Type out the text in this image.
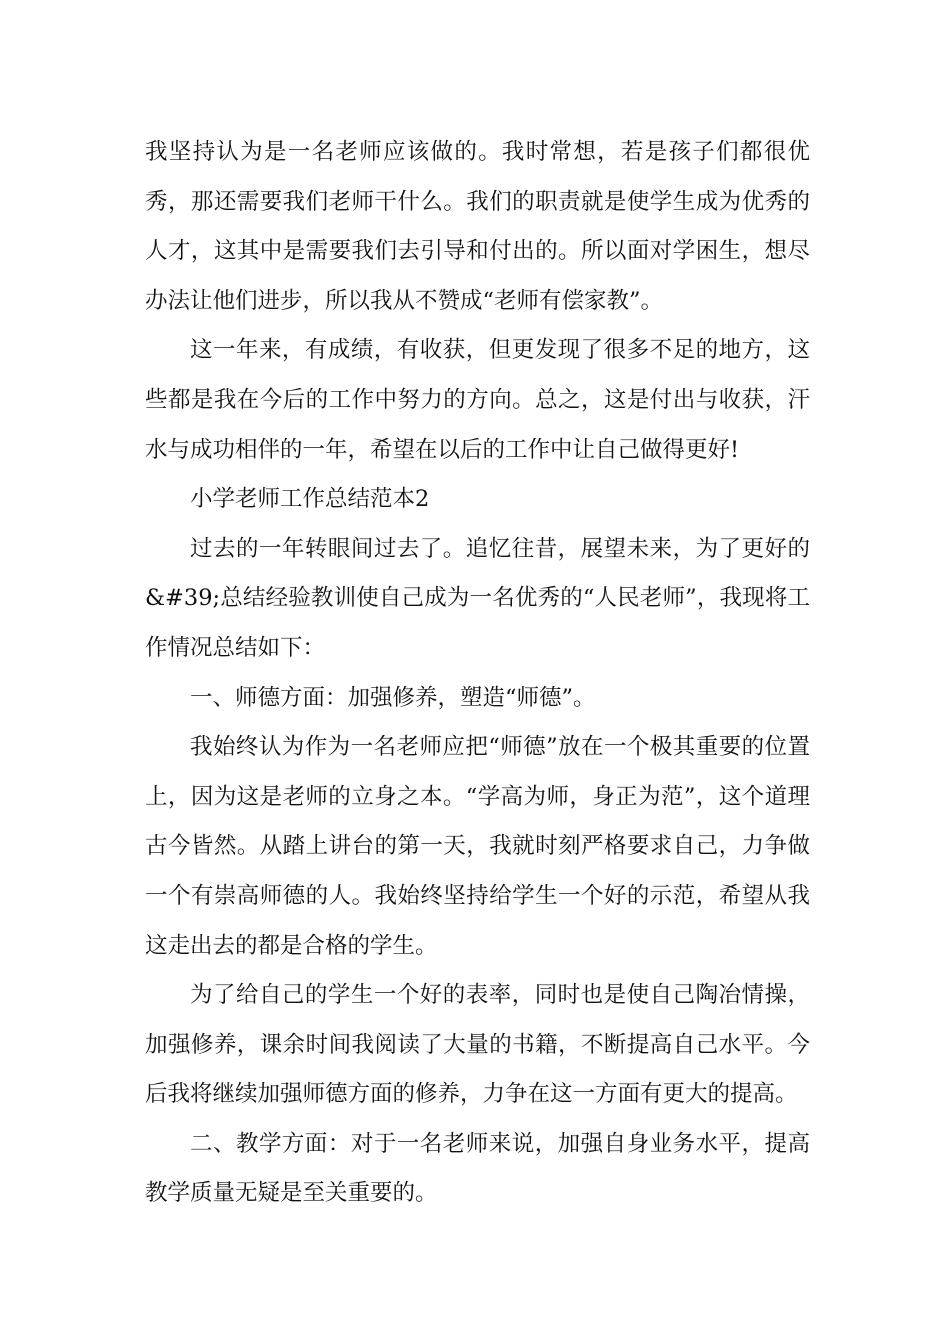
我坚持认为是一名老师应该做的。我时常想，若是孩子们都很优秀，那还需要我们老师干什么。我们的职责就是使学生成为优秀的人才，这其中是需要我们去引导和付出的。所以面对学困生，想尽办法让他们进步，所以我从不赞成“老师有偿家教”。

这一年来，有成绩，有收获，但更发现了很多不足的地方，这些都是我在今后的工作中努力的方向。总之，这是付出与收获，汗水与成功相伴的一年，希望在以后的工作中让自己做得更好!

小学老师工作总结范本2

过去的一年转眼间过去了。追忆往昔，展望未来，为了更好的&#39;总结经验教训使自己成为一名优秀的“人民老师”，我现将工作情况总结如下：

一、师德方面：加强修养，塑造“师德”。

我始终认为作为一名老师应把“师德”放在一个极其重要的位置上，因为这是老师的立身之本。“学高为师，身正为范”，这个道理古今皆然。从踏上讲台的第一天，我就时刻严格要求自己，力争做一个有崇高师德的人。我始终坚持给学生一个好的示范，希望从我这走出去的都是合格的学生。

为了给自己的学生一个好的表率，同时也是使自己陶冶情操，加强修养，课余时间我阅读了大量的书籍，不断提高自己水平。今后我将继续加强师德方面的修养，力争在这一方面有更大的提高。

二、教学方面：对于一名老师来说，加强自身业务水平，提高教学质量无疑是至关重要的。
